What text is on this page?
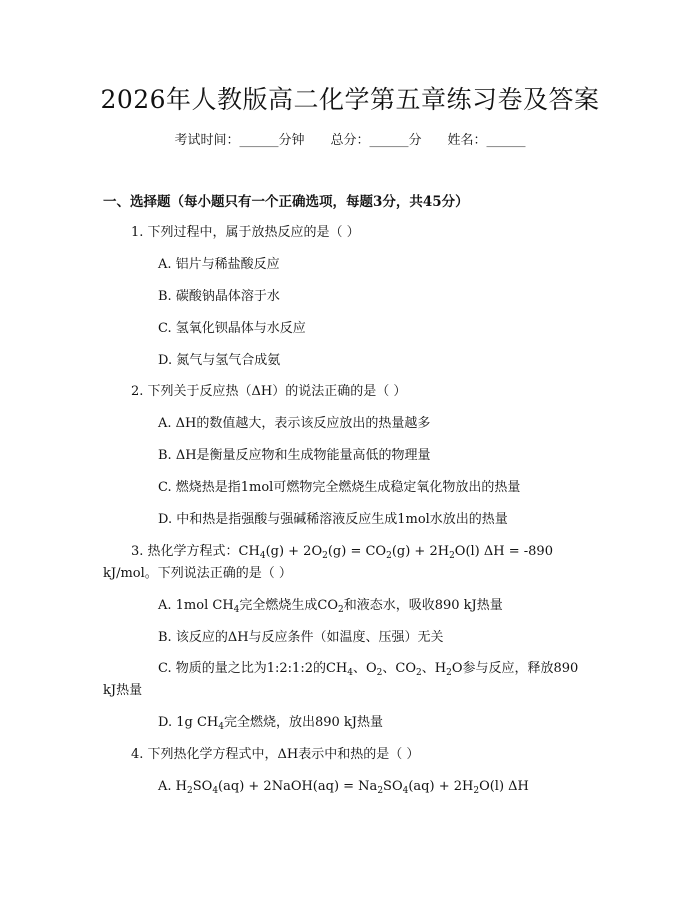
2026年人教版高二化学第五章练习卷及答案
考试时间：______分钟 总分：______分 姓名：______
一、选择题（每小题只有一个正确选项，每题3分，共45分）
1. 下列过程中，属于放热反应的是（ ）
A. 铝片与稀盐酸反应
B. 碳酸钠晶体溶于水
C. 氢氧化钡晶体与水反应
D. 氮气与氢气合成氨
2. 下列关于反应热（ΔH）的说法正确的是（ ）
A. ΔH的数值越大，表示该反应放出的热量越多
B. ΔH是衡量反应物和生成物能量高低的物理量
C. 燃烧热是指1mol可燃物完全燃烧生成稳定氧化物放出的热量
D. 中和热是指强酸与强碱稀溶液反应生成1mol水放出的热量
3. 热化学方程式：$CH_4(g) + 2O_2(g) = CO_2(g) + 2H_2O(l) \Delta H = -890$
kJ/mol。下列说法正确的是（ ）
A. 1mol $CH_4$完全燃烧生成$CO_2$和液态水，吸收890 kJ热量
B. 该反应的ΔH与反应条件（如温度、压强）无关
C. 物质的量之比为1:2:1:2的$CH_4$、$O_2$、$CO_2$、$H_2O$参与反应，释放890
kJ热量
D. 1g $CH_4$完全燃烧，放出890 kJ热量
4. 下列热化学方程式中，ΔH表示中和热的是（ ）
A. $H_2SO_4(aq)$ + 2NaOH(aq) = $Na_2SO_4(aq) + 2H_2O(l)$ ΔH
